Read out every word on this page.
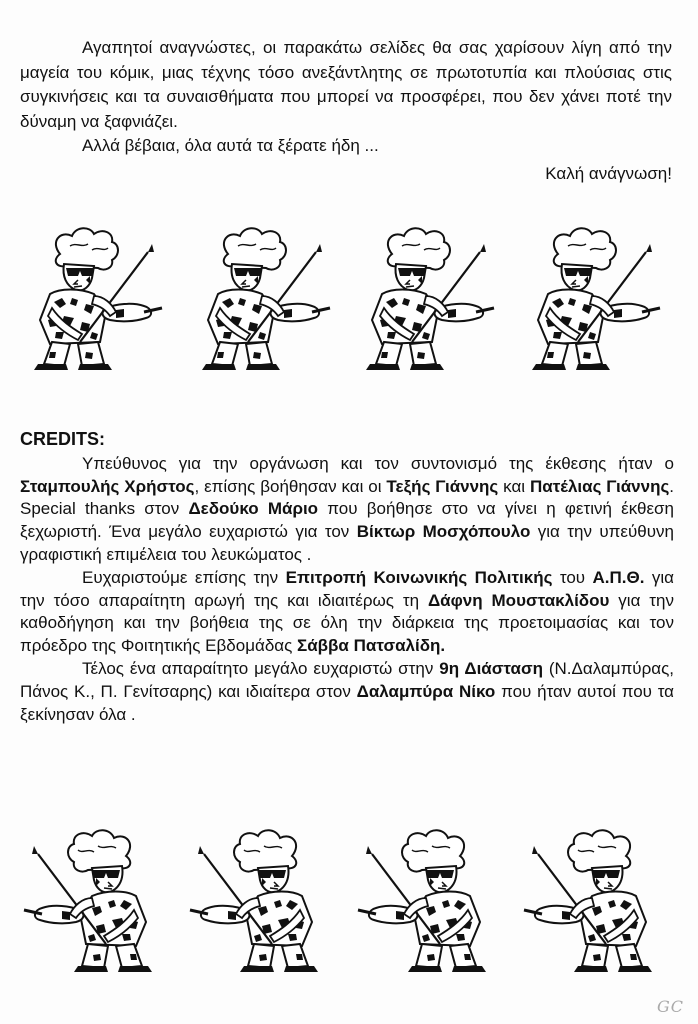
Αγαπητοί αναγνώστες, οι παρακάτω σελίδες θα σας χαρίσουν λίγη από την μαγεία του κόμικ, μιας τέχνης τόσο ανεξάντλητης σε πρωτοτυπία και πλούσιας στις συγκινήσεις και τα συναισθήματα που μπορεί να προσφέρει, που δεν χάνει ποτέ την δύναμη να ξαφνιάζει.

Αλλά βέβαια, όλα αυτά τα ξέρατε ήδη ...

Καλή ανάγνωση!

CREDITS:

Υπεύθυνος για την οργάνωση και τον συντονισμό της έκθεσης ήταν ο Σταμπουλής Χρήστος, επίσης βοήθησαν και οι Τεξής Γιάννης και Πατέλιας Γιάννης. Special thanks στον Δεδούκο Μάριο που βοήθησε στο να γίνει η φετινή έκθεση ξεχωριστή. Ένα μεγάλο ευχαριστώ για τον Βίκτωρ Μοσχόπουλο για την υπεύθυνη γραφιστική επιμέλεια του λευκώματος .

Ευχαριστούμε επίσης την Επιτροπή Κοινωνικής Πολιτικής του Α.Π.Θ. για την τόσο απαραίτητη αρωγή της και ιδιαιτέρως τη Δάφνη Μουστακλίδου για την καθοδήγηση και την βοήθεια της σε όλη την διάρκεια της προετοιμασίας και τον πρόεδρο της Φοιτητικής Εβδομάδας Σάββα Πατσαλίδη.

Τέλος ένα απαραίτητο μεγάλο ευχαριστώ στην 9η Διάσταση (Ν.Δαλαμπύρας, Πάνος Κ., Π. Γενίτσαρης) και ιδιαίτερα στον Δαλαμπύρα Νίκο που ήταν αυτοί που τα ξεκίνησαν όλα .

GC
